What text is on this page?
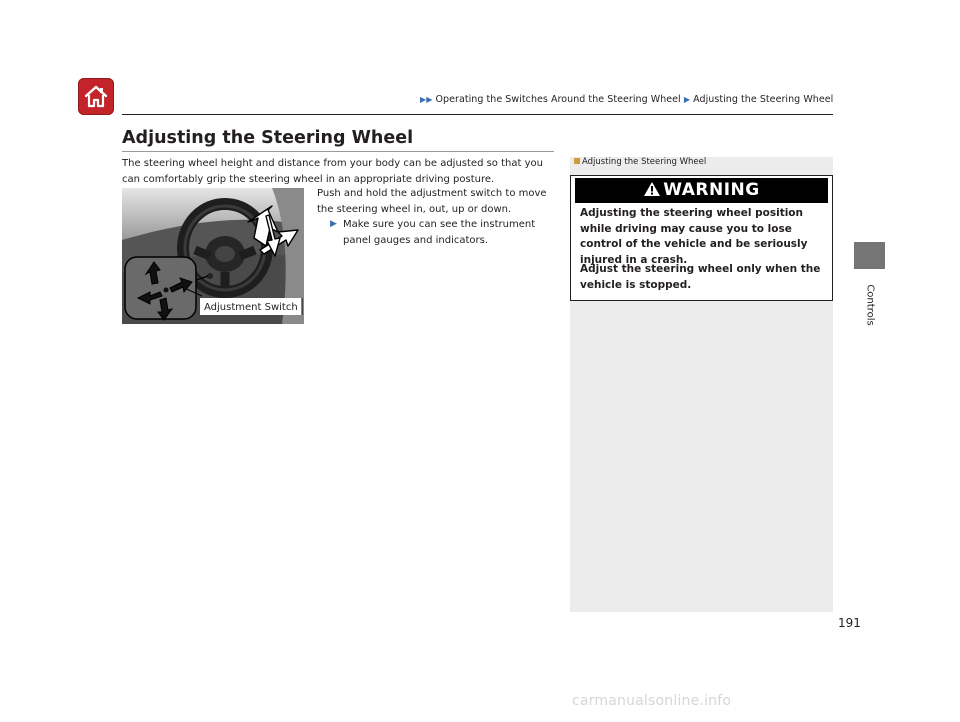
▶▶ Operating the Switches Around the Steering Wheel ▶ Adjusting the Steering Wheel
Adjusting the Steering Wheel
The steering wheel height and distance from your body can be adjusted so that you can comfortably grip the steering wheel in an appropriate driving posture.
Adjustment Switch
Push and hold the adjustment switch to move the steering wheel in, out, up or down.
▶ Make sure you can see the instrument panel gauges and indicators.
Adjusting the Steering Wheel
WARNING
Adjusting the steering wheel position while driving may cause you to lose control of the vehicle and be seriously injured in a crash.
Adjust the steering wheel only when the vehicle is stopped.	Controls
191
carmanualsonline.info
